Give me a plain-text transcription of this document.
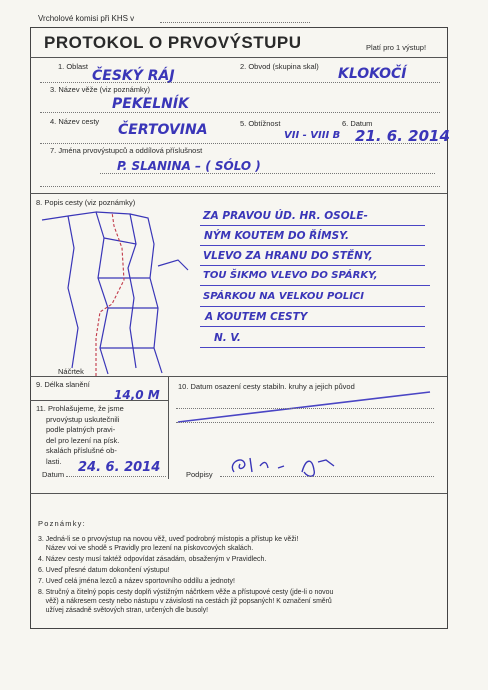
Vrcholové komisi při KHS v
PROTOKOL O PRVOVÝSTUPU	Platí pro 1 výstup!
1. Oblast
ČESKÝ RÁJ
2. Obvod (skupina skal) KLOKOČÍ
3. Název věže (viz poznámky)
PEKELNÍK
4. Název cesty
ČERTOVINA	5. Obtížnost
VII - VIII B
6. Datum
21. 6. 2014
7. Jména prvovýstupců a oddílová příslušnost
P. SLANINA – ( SÓLO )
8. Popis cesty (viz poznámky)
Náčrtek
ZA PRAVOU ÚD. HR. OSOLE-
NÝM KOUTEM DO ŘÍMSY.
VLEVO ZA HRANU DO STĚNY,
TOU ŠIKMO VLEVO DO SPÁRKY,
SPÁRKOU NA VELKOU POLICI
A KOUTEM CESTY
N. V.
9. Délka slanění
14,0 M
10. Datum osazení cesty stabiln. kruhy a jejich původ
11. Prohlašujeme, že jsme
prvovýstup uskutečnili
podle platných pravi-
del pro lezení na písk.
skalách příslušné ob-
lasti.
Datum 24. 6. 2014	Podpisy
Poznámky:
3. Jedná-li se o prvovýstup na novou věž, uveď podrobný místopis a přístup ke věži!
Název voi ve shodě s Pravidly pro lezení na pískovcových skalách.
4. Název cesty musí taktéž odpovídat zásadám, obsaženým v Pravidlech.
6. Uveď přesné datum dokončení výstupu!
7. Uveď celá jména lezců a název sportovního oddílu a jednoty!
8. Stručný a čitelný popis cesty doplň výstižným náčrtkem věže a přístupové cesty (jde-li o novou
věž) a nákresem cesty nebo nástupu v závislosti na cestách již popsaných! K označení směrů
užívej zásadně světových stran, určených dle busoly!
